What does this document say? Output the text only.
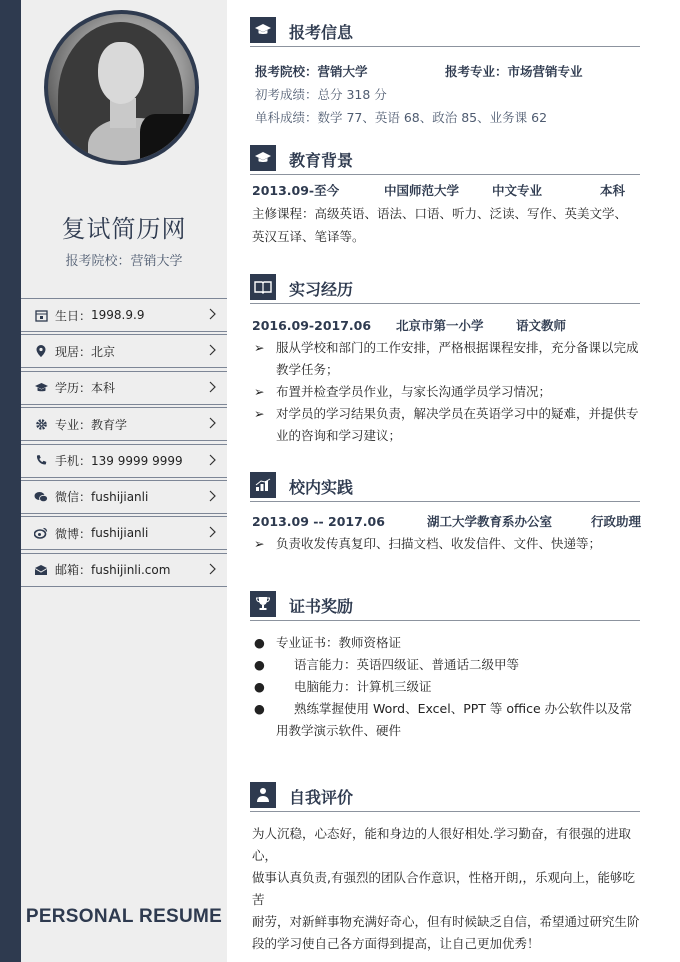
复试简历网
报考院校：营销大学
生日： 1998.9.9
现居： 北京
学历： 本科
专业： 教育学
手机： 139 9999 9999
微信： fushijianli
微博： fushijianli
邮箱： fushijinli.com
PERSONAL RESUME
报考信息
报考院校：营销大学	报考专业：市场营销专业
初考成绩：总分 318 分
单科成绩：数学 77、英语 68、政治 85、业务课 62
教育背景
2013.09-至今	中国师范大学	中文专业	本科
主修课程：高级英语、语法、口语、听力、泛读、写作、英美文学、
英汉互译、笔译等。
实习经历
2016.09-2017.06 北京市第一小学	语文教师
➢ 服从学校和部门的工作安排，严格根据课程安排，充分备课以完成
教学任务；
➢ 布置并检查学员作业，与家长沟通学员学习情况；
➢ 对学员的学习结果负责，解决学员在英语学习中的疑难，并提供专
业的咨询和学习建议；
校内实践
2013.09 -- 2017.06	湖工大学教育系办公室	行政助理
➢ 负责收发传真复印、扫描文档、收发信件、文件、快递等；
证书奖励
● 专业证书：教师资格证
● 语言能力：英语四级证、普通话二级甲等
● 电脑能力：计算机三级证
●	熟练掌握使用 Word、Excel、PPT 等 office 办公软件以及常
用教学演示软件、硬件
自我评价
为人沉稳，心态好，能和身边的人很好相处.学习勤奋，有很强的进取心，
做事认真负责,有强烈的团队合作意识，性格开朗,，乐观向上，能够吃苦
耐劳，对新鲜事物充满好奇心，但有时候缺乏自信，希望通过研究生阶
段的学习使自己各方面得到提高，让自己更加优秀！
